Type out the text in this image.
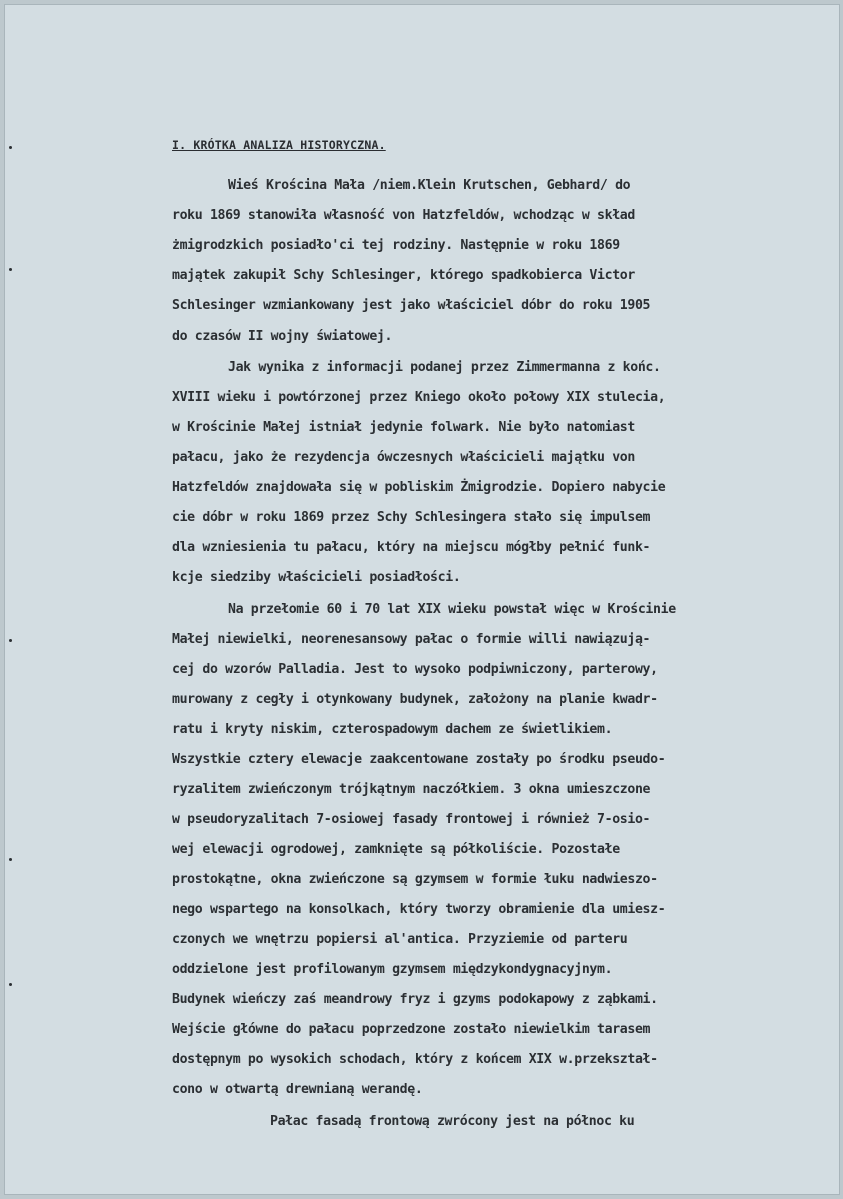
I. KRÓTKA ANALIZA HISTORYCZNA.
Wieś Krościna Mała /niem.Klein Krutschen, Gebhard/ do
roku 1869 stanowiła własność von Hatzfeldów, wchodząc w skład
żmigrodzkich posiadło'ci tej rodziny. Następnie w roku 1869
majątek zakupił Schy Schlesinger, którego spadkobierca Victor
Schlesinger wzmiankowany jest jako właściciel dóbr do roku 1905
do czasów II wojny światowej.
Jak wynika z informacji podanej przez Zimmermanna z końc.
XVIII wieku i powtórzonej przez Kniego około połowy XIX stulecia,
w Krościnie Małej istniał jedynie folwark. Nie było natomiast
pałacu, jako że rezydencja ówczesnych właścicieli majątku von
Hatzfeldów znajdowała się w pobliskim Żmigrodzie. Dopiero nabycie
cie dóbr w roku 1869 przez Schy Schlesingera stało się impulsem
dla wzniesienia tu pałacu, który na miejscu mógłby pełnić funk-
kcje siedziby właścicieli posiadłości.
Na przełomie 60 i 70 lat XIX wieku powstał więc w Krościnie
Małej niewielki, neorenesansowy pałac o formie willi nawiązują-
cej do wzorów Palladia. Jest to wysoko podpiwniczony, parterowy,
murowany z cegły i otynkowany budynek, założony na planie kwadr-
ratu i kryty niskim, czterospadowym dachem ze świetlikiem.
Wszystkie cztery elewacje zaakcentowane zostały po środku pseudo-
ryzalitem zwieńczonym trójkątnym naczółkiem. 3 okna umieszczone
w pseudoryzalitach 7-osiowej fasady frontowej i również 7-osio-
wej elewacji ogrodowej, zamknięte są półkoliście. Pozostałe
prostokątne, okna zwieńczone są gzymsem w formie łuku nadwieszo-
nego wspartego na konsolkach, który tworzy obramienie dla umiesz-
czonych we wnętrzu popiersi al'antica. Przyziemie od parteru
oddzielone jest profilowanym gzymsem międzykondygnacyjnym.
Budynek wieńczy zaś meandrowy fryz i gzyms podokapowy z ząbkami.
Wejście główne do pałacu poprzedzone zostało niewielkim tarasem
dostępnym po wysokich schodach, który z końcem XIX w.przekształ-
cono w otwartą drewnianą werandę.
Pałac fasadą frontową zwrócony jest na północ ku
